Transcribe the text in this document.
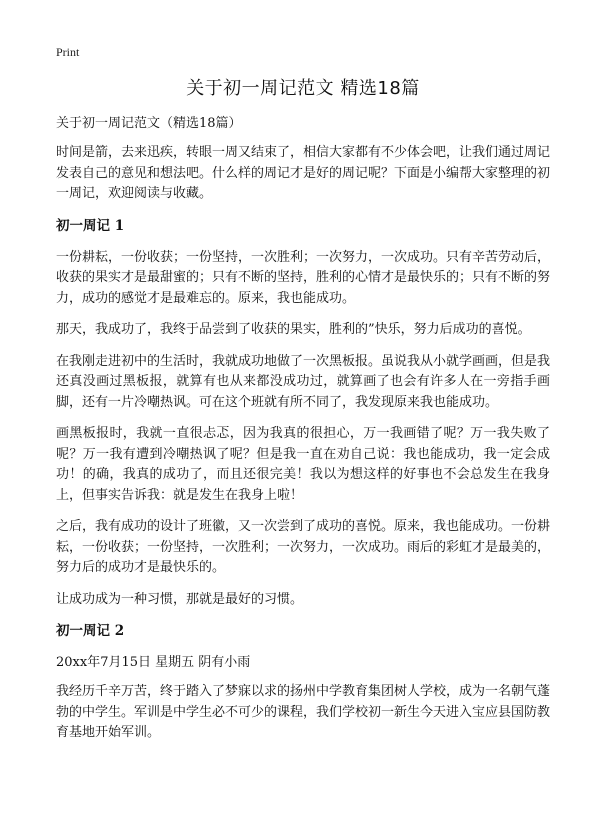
Print
关于初一周记范文 精选18篇

关于初一周记范文（精选18篇）

时间是箭，去来迅疾，转眼一周又结束了，相信大家都有不少体会吧，让我们通过周记发表自己的意见和想法吧。什么样的周记才是好的周记呢？下面是小编帮大家整理的初一周记，欢迎阅读与收藏。

初一周记 1

一份耕耘，一份收获；一份坚持，一次胜利；一次努力，一次成功。只有辛苦劳动后，收获的果实才是最甜蜜的；只有不断的坚持，胜利的心情才是最快乐的；只有不断的努力，成功的感觉才是最难忘的。原来，我也能成功。

那天，我成功了，我终于品尝到了收获的果实，胜利的”快乐，努力后成功的喜悦。

在我刚走进初中的生活时，我就成功地做了一次黑板报。虽说我从小就学画画，但是我还真没画过黑板报，就算有也从来都没成功过，就算画了也会有许多人在一旁指手画脚，还有一片冷嘲热讽。可在这个班就有所不同了，我发现原来我也能成功。

画黑板报时，我就一直很忐忑，因为我真的很担心，万一我画错了呢？万一我失败了呢？万一我有遭到冷嘲热讽了呢？但是我一直在劝自己说：我也能成功，我一定会成功！的确，我真的成功了，而且还很完美！我以为想这样的好事也不会总发生在我身上，但事实告诉我：就是发生在我身上啦！

之后，我有成功的设计了班徽，又一次尝到了成功的喜悦。原来，我也能成功。一份耕耘，一份收获；一份坚持，一次胜利；一次努力，一次成功。雨后的彩虹才是最美的，努力后的成功才是最快乐的。

让成功成为一种习惯，那就是最好的习惯。

初一周记 2

20xx年7月15日 星期五 阴有小雨

我经历千辛万苦，终于踏入了梦寐以求的扬州中学教育集团树人学校，成为一名朝气蓬勃的中学生。军训是中学生必不可少的课程，我们学校初一新生今天进入宝应县国防教育基地开始军训。
